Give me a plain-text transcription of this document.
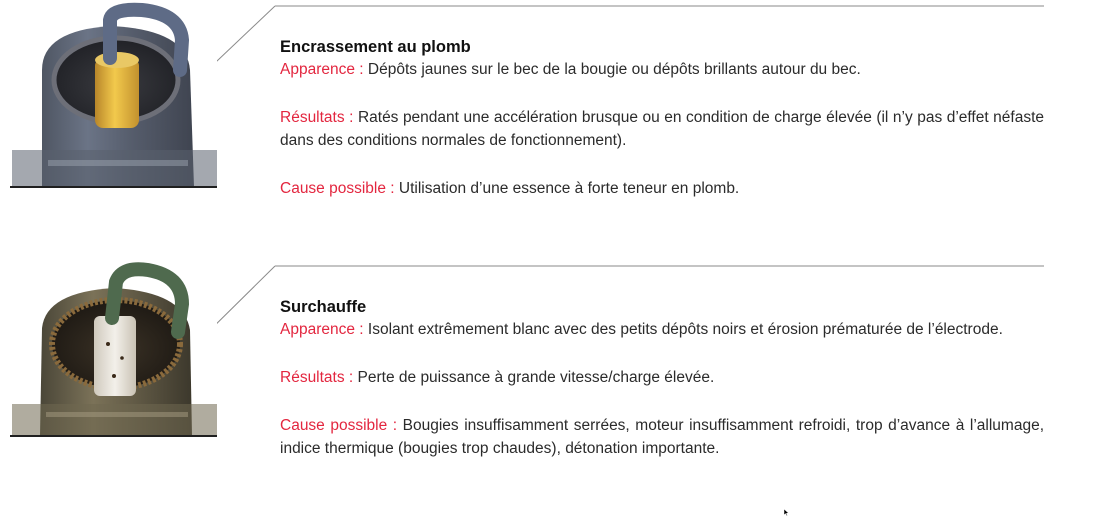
Encrassement au plomb

Apparence : Dépôts jaunes sur le bec de la bougie ou dépôts brillants autour du bec.

Résultats : Ratés pendant une accélération brusque ou en condition de charge élevée (il n’y pas d’effet néfaste dans des conditions normales de fonctionnement).

Cause possible : Utilisation d’une essence à forte teneur en plomb.

Surchauffe

Apparence : Isolant extrêmement blanc avec des petits dépôts noirs et érosion prématurée de l’électrode.

Résultats : Perte de puissance à grande vitesse/charge élevée.

Cause possible : Bougies insuffisamment serrées, moteur insuffisamment refroidi, trop d’avance à l’allumage, indice thermique (bougies trop chaudes), détonation importante.
